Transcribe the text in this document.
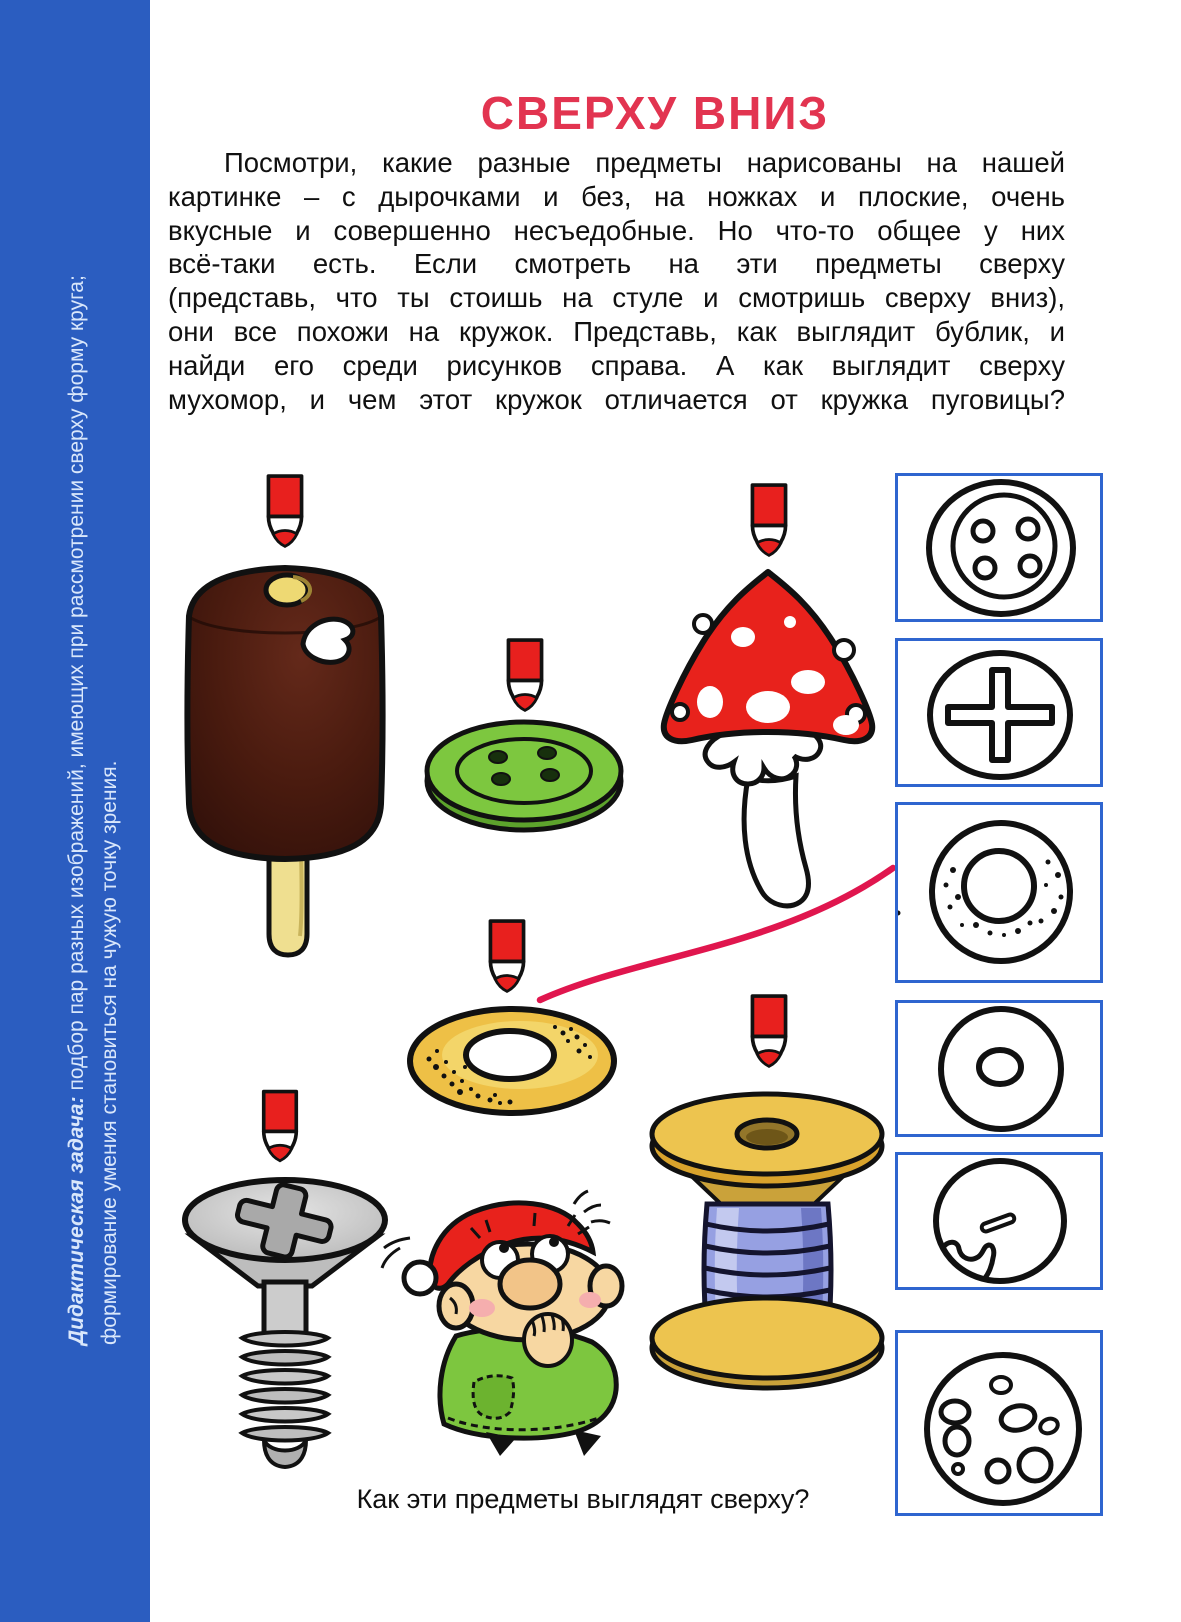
Дидактическая задача: подбор пар разных изображений, имеющих при рассмотрении сверху форму круга; формирование умения становиться на чужую точку зрения.
СВЕРХУ ВНИЗ
Посмотри, какие разные предметы нарисованы на нашей
картинке – с дырочками и без, на ножках и плоские, очень
вкусные и совершенно несъедобные. Но что-то общее у них
всё-таки есть. Если смотреть на эти предметы сверху
(представь, что ты стоишь на стуле и смотришь сверху вниз),
они все похожи на кружок. Представь, как выглядит бублик, и
найди его среди рисунков справа. А как выглядит сверху
мухомор, и чем этот кружок отличается от кружка пуговицы?
Как эти предметы выглядят сверху?
